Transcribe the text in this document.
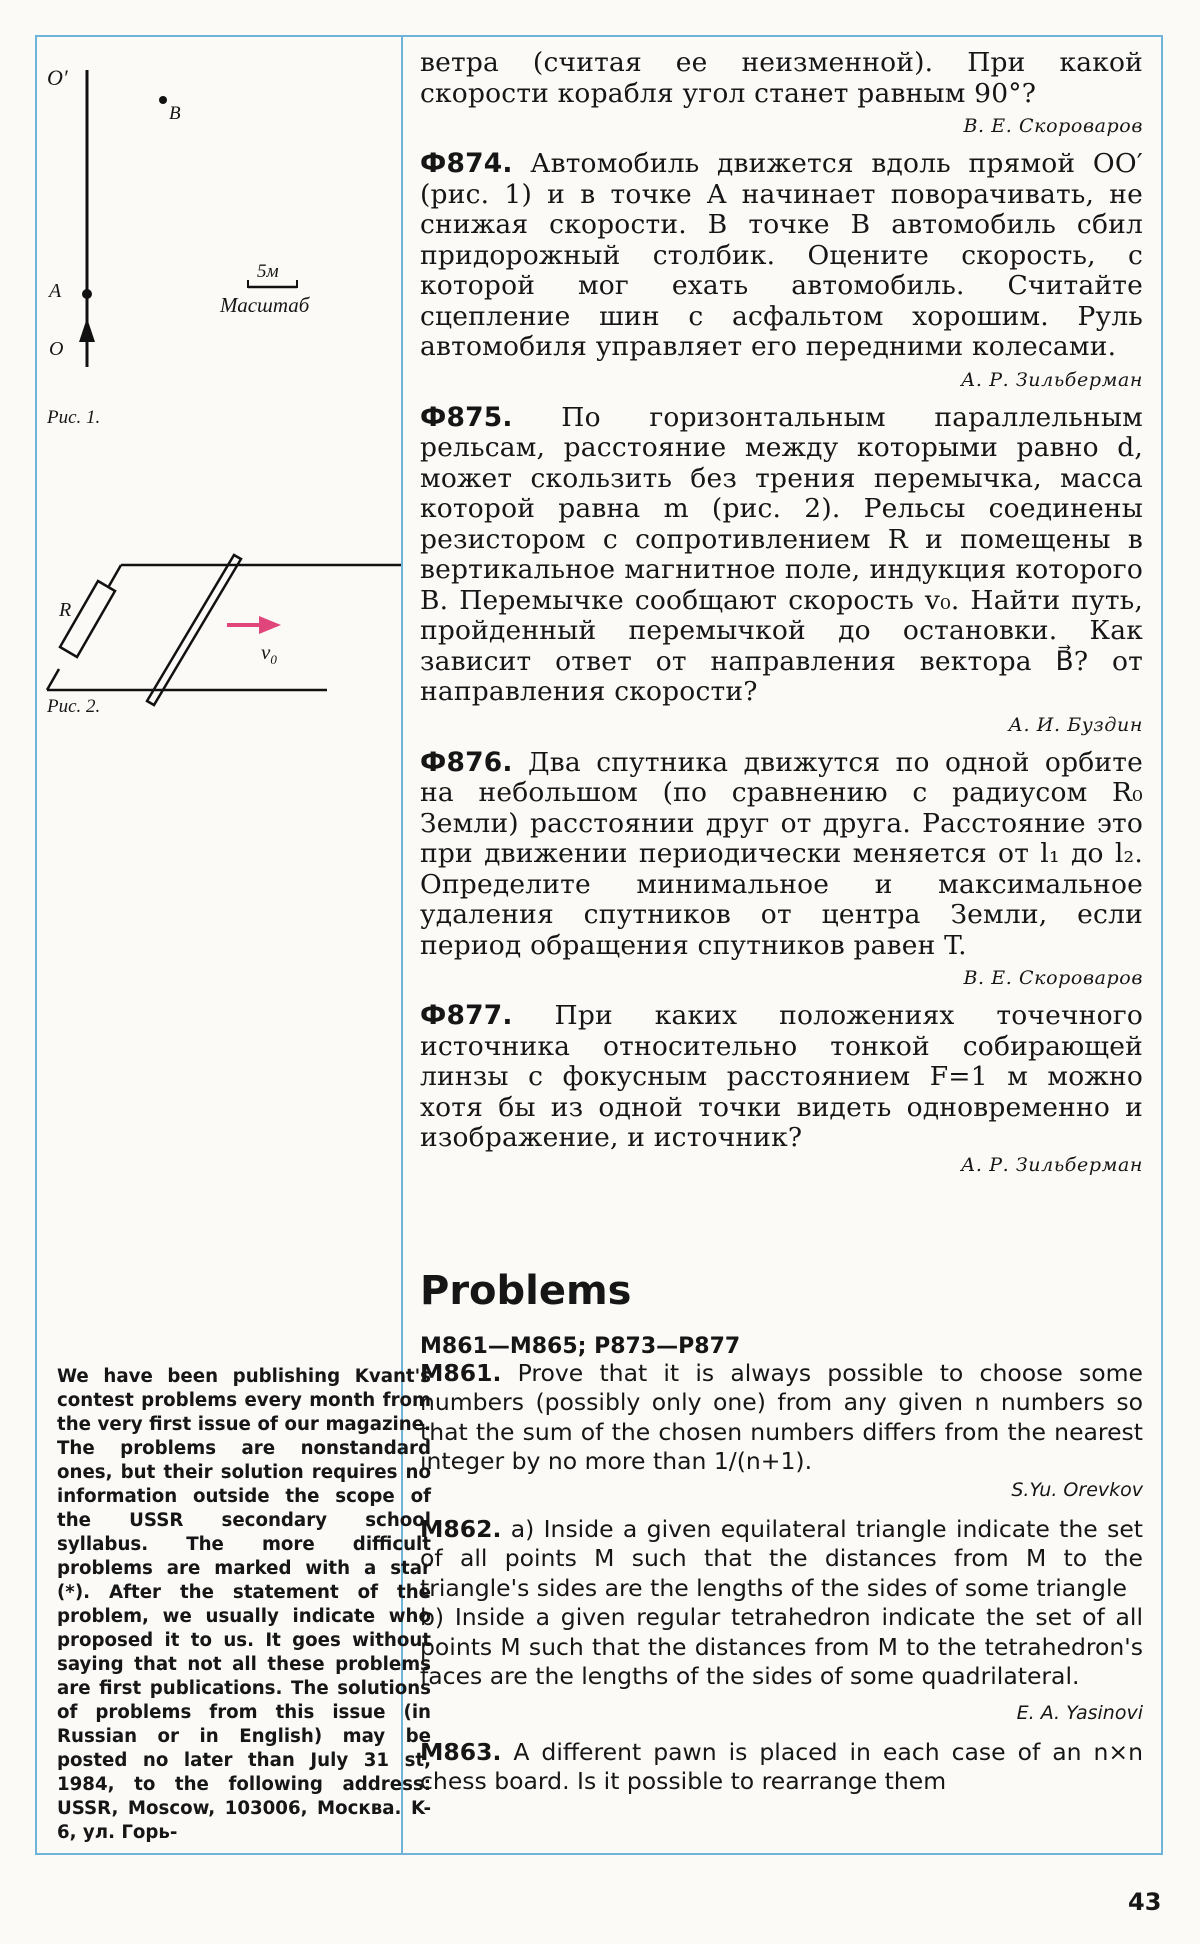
O′
B
A
O
5м
Масштаб
Рис. 1.
R
$v_0$
Рис. 2.
We have been publishing Kvant's contest problems every month from the very first issue of our magazine. The problems are nonstandard ones, but their solution requires no information outside the scope of the USSR secondary school syllabus. The more difficult problems are marked with a star (*). After the statement of the problem, we usually indicate who proposed it to us. It goes without saying that not all these problems are first publications. The solutions of problems from this issue (in Russian or in English) may be posted no later than July 31 st, 1984, to the following address: USSR, Moscow, 103006, Москва. K-6, ул. Горь-

ветра (считая ее неизменной). При какой скорости корабля угол станет равным 90°?

В. Е. Скороваров

Ф874. Автомобиль движется вдоль прямой OO′ (рис. 1) и в точке A начинает поворачивать, не снижая скорости. В точке B автомобиль сбил придорожный столбик. Оцените скорость, с которой мог ехать автомобиль. Считайте сцепление шин с асфальтом хорошим. Руль автомобиля управляет его передними колесами.

А. Р. Зильберман

Ф875. По горизонтальным параллельным рельсам, расстояние между которыми равно d, может скользить без трения перемычка, масса которой равна m (рис. 2). Рельсы соединены резистором с сопротивлением R и помещены в вертикальное магнитное поле, индукция которого B. Перемычке сообщают скорость v₀. Найти путь, пройденный перемычкой до остановки. Как зависит ответ от направления вектора B⃗? от направления скорости?

А. И. Буздин

Ф876. Два спутника движутся по одной орбите на небольшом (по сравнению с радиусом R₀ Земли) расстоянии друг от друга. Расстояние это при движении периодически меняется от l₁ до l₂. Определите минимальное и максимальное удаления спутников от центра Земли, если период обращения спутников равен T.

В. Е. Скороваров

Ф877. При каких положениях точечного источника относительно тонкой собирающей линзы с фокусным расстоянием F=1 м можно хотя бы из одной точки видеть одновременно и изображение, и источник?

А. Р. Зильберман
Problems
M861—M865; P873—P877

M861. Prove that it is always possible to choose some numbers (possibly only one) from any given n numbers so that the sum of the chosen numbers differs from the nearest integer by no more than 1/(n+1).

S.Yu. Orevkov

M862. a) Inside a given equilateral triangle indicate the set of all points M such that the distances from M to the triangle's sides are the lengths of the sides of some triangle

b) Inside a given regular tetrahedron indicate the set of all points M such that the distances from M to the tetrahedron's faces are the lengths of the sides of some quadrilateral.

E. A. Yasinovi

M863. A different pawn is placed in each case of an n×n chess board. Is it possible to rearrange them

43
